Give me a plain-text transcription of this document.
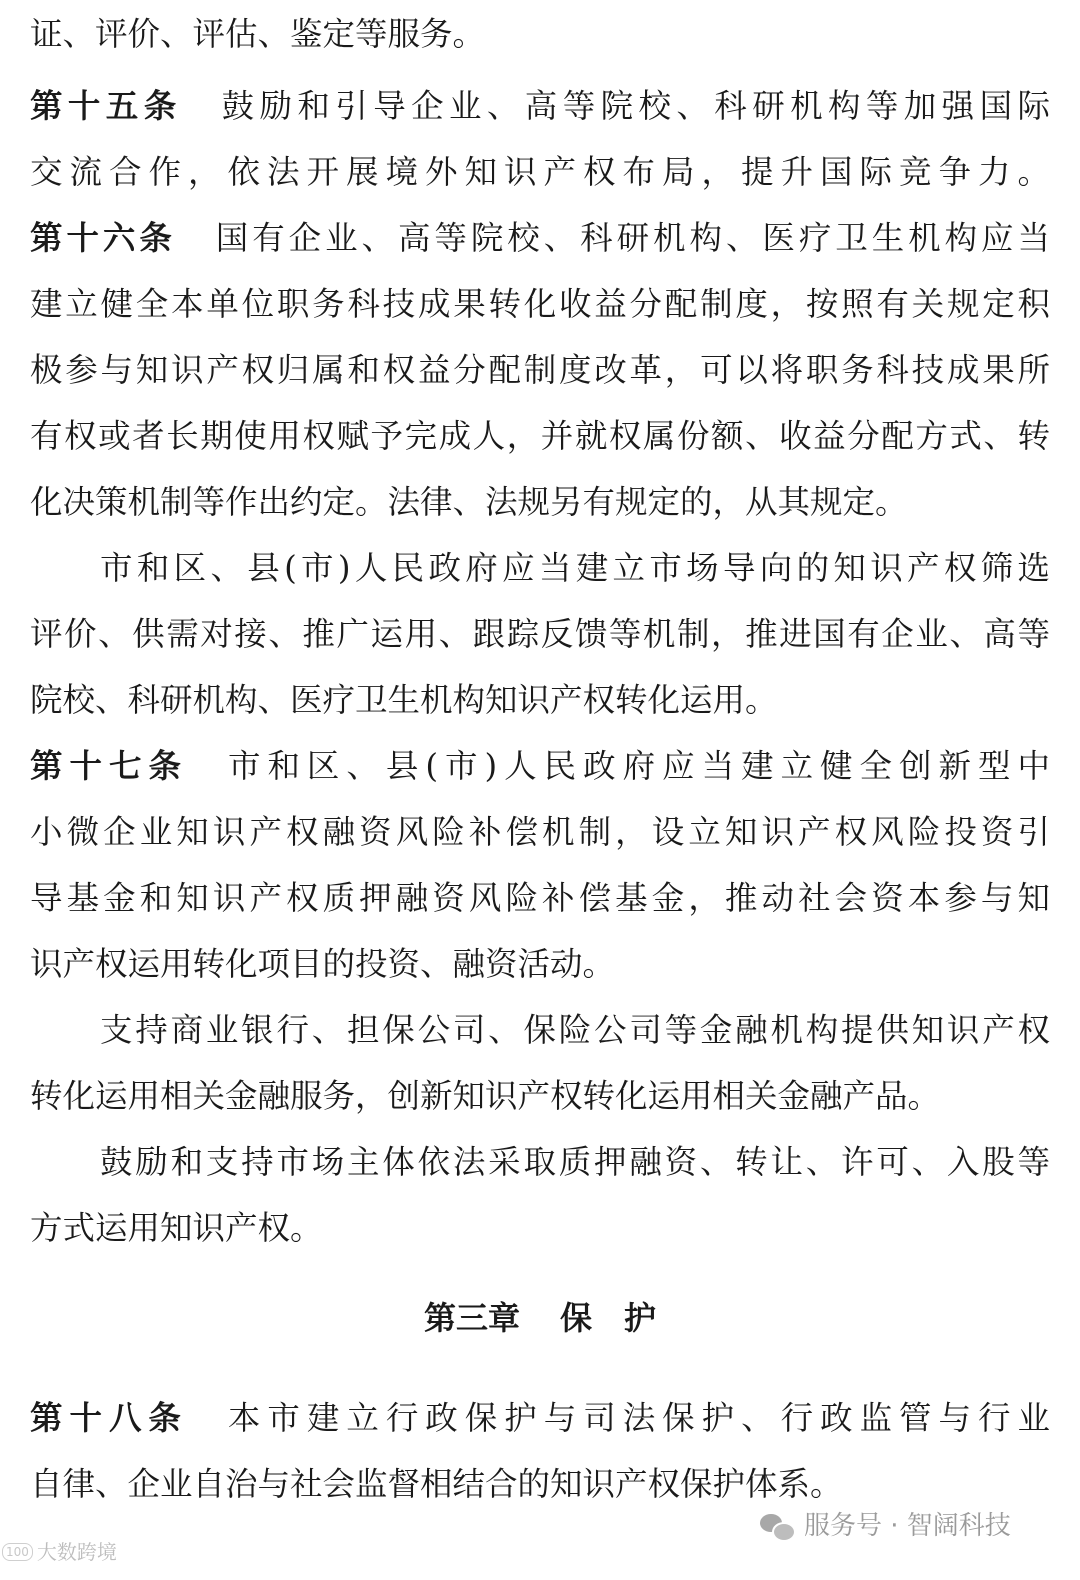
证、评价、评估、鉴定等服务。
第十五条 鼓励和引导企业、高等院校、科研机构等加强国际
交流合作，依法开展境外知识产权布局，提升国际竞争力。
第十六条 国有企业、高等院校、科研机构、医疗卫生机构应当
建立健全本单位职务科技成果转化收益分配制度，按照有关规定积
极参与知识产权归属和权益分配制度改革，可以将职务科技成果所
有权或者长期使用权赋予完成人，并就权属份额、收益分配方式、转
化决策机制等作出约定。法律、法规另有规定的，从其规定。
市和区、县(市)人民政府应当建立市场导向的知识产权筛选
评价、供需对接、推广运用、跟踪反馈等机制，推进国有企业、高等
院校、科研机构、医疗卫生机构知识产权转化运用。
第十七条 市和区、县(市)人民政府应当建立健全创新型中
小微企业知识产权融资风险补偿机制，设立知识产权风险投资引
导基金和知识产权质押融资风险补偿基金，推动社会资本参与知
识产权运用转化项目的投资、融资活动。
支持商业银行、担保公司、保险公司等金融机构提供知识产权
转化运用相关金融服务，创新知识产权转化运用相关金融产品。
鼓励和支持市场主体依法采取质押融资、转让、许可、入股等
方式运用知识产权。
第三章 保 护
第十八条 本市建立行政保护与司法保护、行政监管与行业
自律、企业自治与社会监督相结合的知识产权保护体系。
服务号 · 智阔科技
100 大数跨境
